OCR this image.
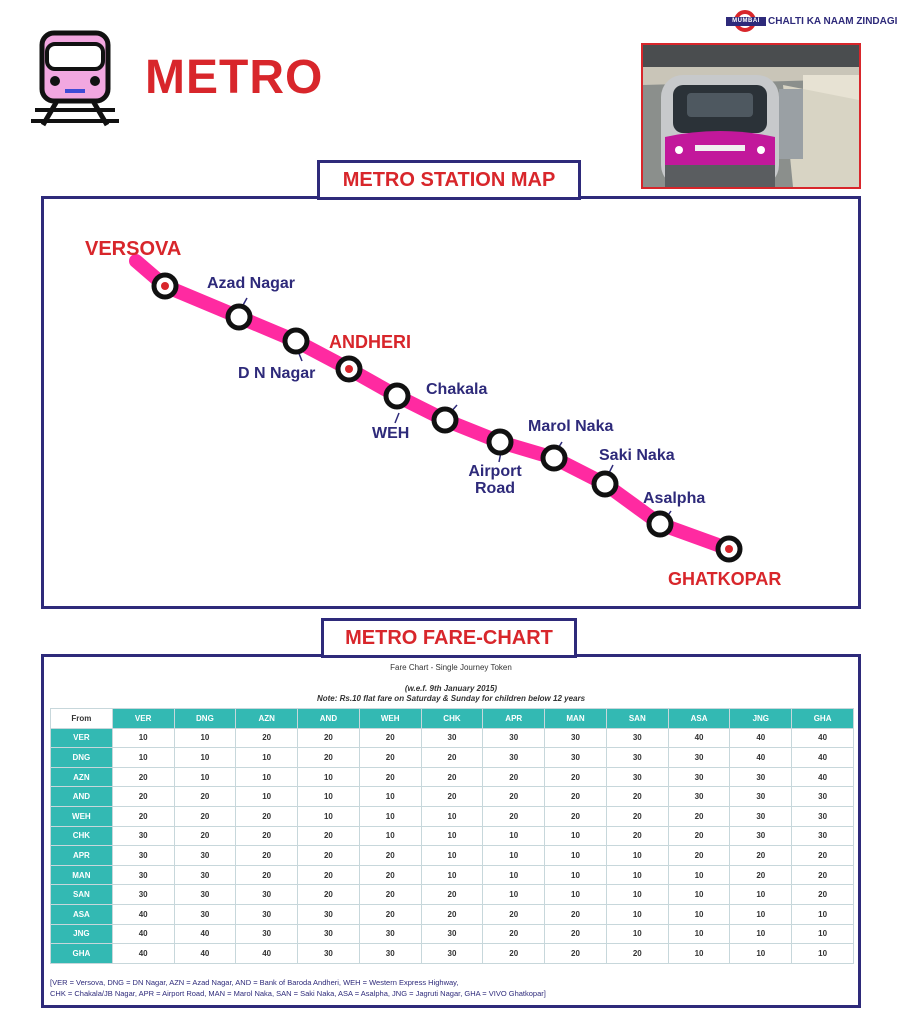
MUMBAI CHALTI KA NAAM ZINDAGI
METRO
METRO STATION MAP
VERSOVA
Azad Nagar
D N Nagar
ANDHERI
WEH
Chakala
Airport Road
Marol Naka
Saki Naka
Asalpha
GHATKOPAR
METRO FARE-CHART
Fare Chart - Single Journey Token
(w.e.f. 9th January 2015)
Note: Rs.10 flat fare on Saturday & Sunday for children below 12 years
From	VER	DNG	AZN	AND	WEH	CHK	APR	MAN	SAN	ASA	JNG	GHA
VER	10	10	20	20	20	30	30	30	30	40	40	40
DNG	10	10	10	20	20	20	30	30	30	30	40	40
AZN	20	10	10	10	20	20	20	20	30	30	30	40
AND	20	20	10	10	10	20	20	20	20	30	30	30
WEH	20	20	20	10	10	10	20	20	20	20	30	30
CHK	30	20	20	20	10	10	10	10	20	20	30	30
APR	30	30	20	20	20	10	10	10	10	20	20	20
MAN	30	30	20	20	20	10	10	10	10	10	20	20
SAN	30	30	30	20	20	20	10	10	10	10	10	20
ASA	40	30	30	30	20	20	20	20	10	10	10	10
JNG	40	40	30	30	30	30	20	20	10	10	10	10
GHA	40	40	40	30	30	30	20	20	20	10	10	10
[VER = Versova, DNG = DN Nagar, AZN = Azad Nagar, AND = Bank of Baroda Andheri, WEH = Western Express Highway,
CHK = Chakala/JB Nagar, APR = Airport Road, MAN = Marol Naka, SAN = Saki Naka, ASA = Asalpha, JNG = Jagruti Nagar, GHA = VIVO Ghatkopar]
